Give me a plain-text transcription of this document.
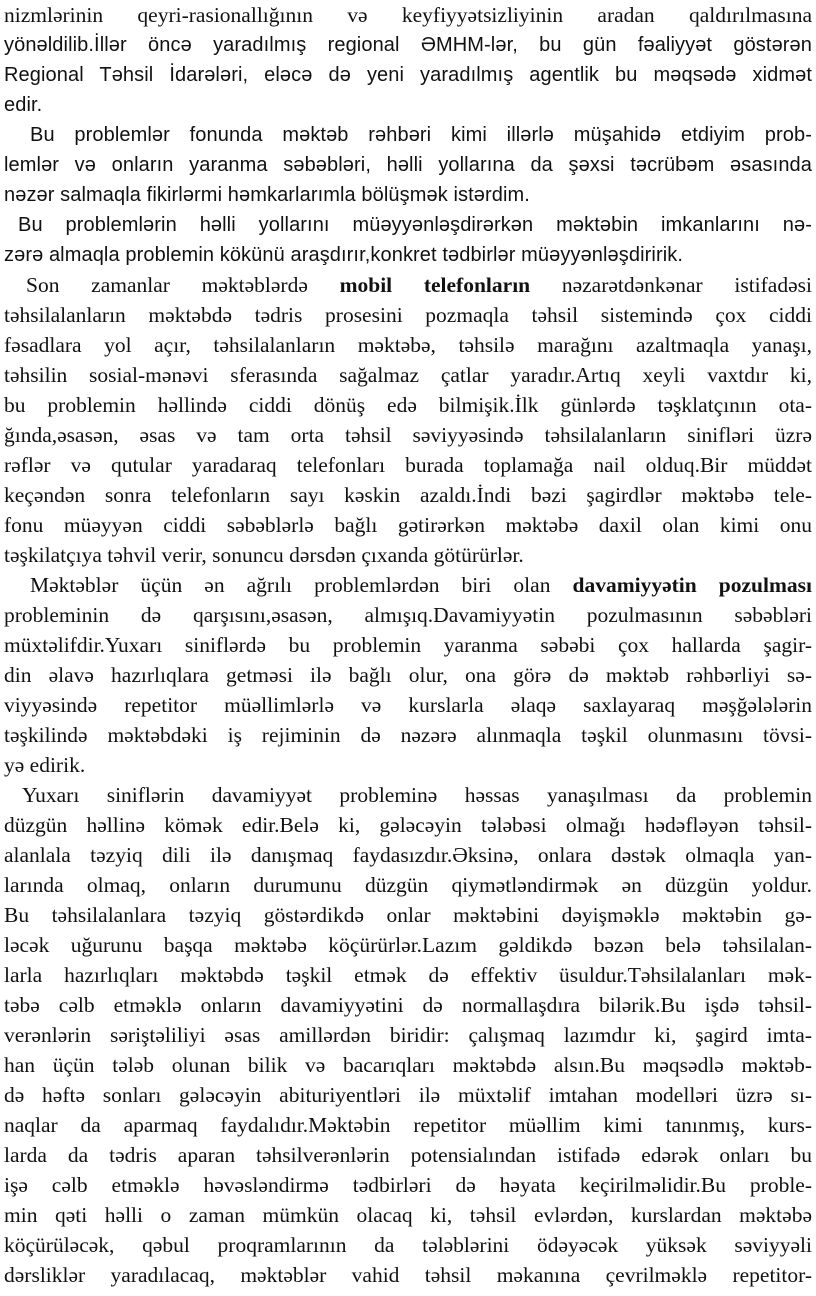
nizmlərinin qeyri-rasionallığının və keyfiyyətsizliyinin aradan qaldırılmasına
yönəldilib.İllər öncə yaradılmış regional ƏMHM-lər, bu gün fəaliyyət göstərən
Regional Təhsil İdarələri, eləcə də yeni yaradılmış agentlik bu məqsədə xidmət
edir.
Bu problemlər fonunda məktəb rəhbəri kimi illərlə müşahidə etdiyim prob-
lemlər və onların yaranma səbəbləri, həlli yollarına da şəxsi təcrübəm əsasında
nəzər salmaqla fikirlərmi həmkarlarımla bölüşmək istərdim.
Bu problemlərin həlli yollarını müəyyənləşdirərkən məktəbin imkanlarını nə-
zərə almaqla problemin kökünü araşdırır,konkret tədbirlər müəyyənləşdiririk.
Son zamanlar məktəblərdə mobil telefonların nəzarətdənkənar istifadəsi
təhsilalanların məktəbdə tədris prosesini pozmaqla təhsil sistemində çox ciddi
fəsadlara yol açır, təhsilalanların məktəbə, təhsilə marağını azaltmaqla yanaşı,
təhsilin sosial-mənəvi sferasında sağalmaz çatlar yaradır.Artıq xeyli vaxtdır ki,
bu problemin həllində ciddi dönüş edə bilmişik.İlk günlərdə təşklatçının ota-
ğında,əsasən, əsas və tam orta təhsil səviyyəsində təhsilalanların sinifləri üzrə
rəflər və qutular yaradaraq telefonları burada toplamağa nail olduq.Bir müddət
keçəndən sonra telefonların sayı kəskin azaldı.İndi bəzi şagirdlər məktəbə tele-
fonu müəyyən ciddi səbəblərlə bağlı gətirərkən məktəbə daxil olan kimi onu
təşkilatçıya təhvil verir, sonuncu dərsdən çıxanda götürürlər.
Məktəblər üçün ən ağrılı problemlərdən biri olan davamiyyətin pozulması
probleminin də qarşısını,əsasən, almışıq.Davamiyyətin pozulmasının səbəbləri
müxtəlifdir.Yuxarı siniflərdə bu problemin yaranma səbəbi çox hallarda şagir-
din əlavə hazırlıqlara getməsi ilə bağlı olur, ona görə də məktəb rəhbərliyi sə-
viyyəsində repetitor müəllimlərlə və kurslarla əlaqə saxlayaraq məşğələlərin
təşkilində məktəbdəki iş rejiminin də nəzərə alınmaqla təşkil olunmasını tövsi-
yə edirik.
Yuxarı siniflərin davamiyyət probleminə həssas yanaşılması da problemin
düzgün həllinə kömək edir.Belə ki, gələcəyin tələbəsi olmağı hədəfləyən təhsil-
alanlala təzyiq dili ilə danışmaq faydasızdır.Əksinə, onlara dəstək olmaqla yan-
larında olmaq, onların durumunu düzgün qiymətləndirmək ən düzgün yoldur.
Bu təhsilalanlara təzyiq göstərdikdə onlar məktəbini dəyişməklə məktəbin gə-
ləcək uğurunu başqa məktəbə köçürürlər.Lazım gəldikdə bəzən belə təhsilalan-
larla hazırlıqları məktəbdə təşkil etmək də effektiv üsuldur.Təhsilalanları mək-
təbə cəlb etməklə onların davamiyyətini də normallaşdıra bilərik.Bu işdə təhsil-
verənlərin səriştəliliyi əsas amillərdən biridir: çalışmaq lazımdır ki, şagird imta-
han üçün tələb olunan bilik və bacarıqları məktəbdə alsın.Bu məqsədlə məktəb-
də həftə sonları gələcəyin abituriyentləri ilə müxtəlif imtahan modelləri üzrə sı-
naqlar da aparmaq faydalıdır.Məktəbin repetitor müəllim kimi tanınmış, kurs-
larda da tədris aparan təhsilverənlərin potensialından istifadə edərək onları bu
işə cəlb etməklə həvəsləndirmə tədbirləri də həyata keçirilməlidir.Bu proble-
min qəti həlli o zaman mümkün olacaq ki, təhsil evlərdən, kurslardan məktəbə
köçürüləcək, qəbul proqramlarının da tələblərini ödəyəcək yüksək səviyyəli
dərsliklər yaradılacaq, məktəblər vahid təhsil məkanına çevrilməklə repetitor-
